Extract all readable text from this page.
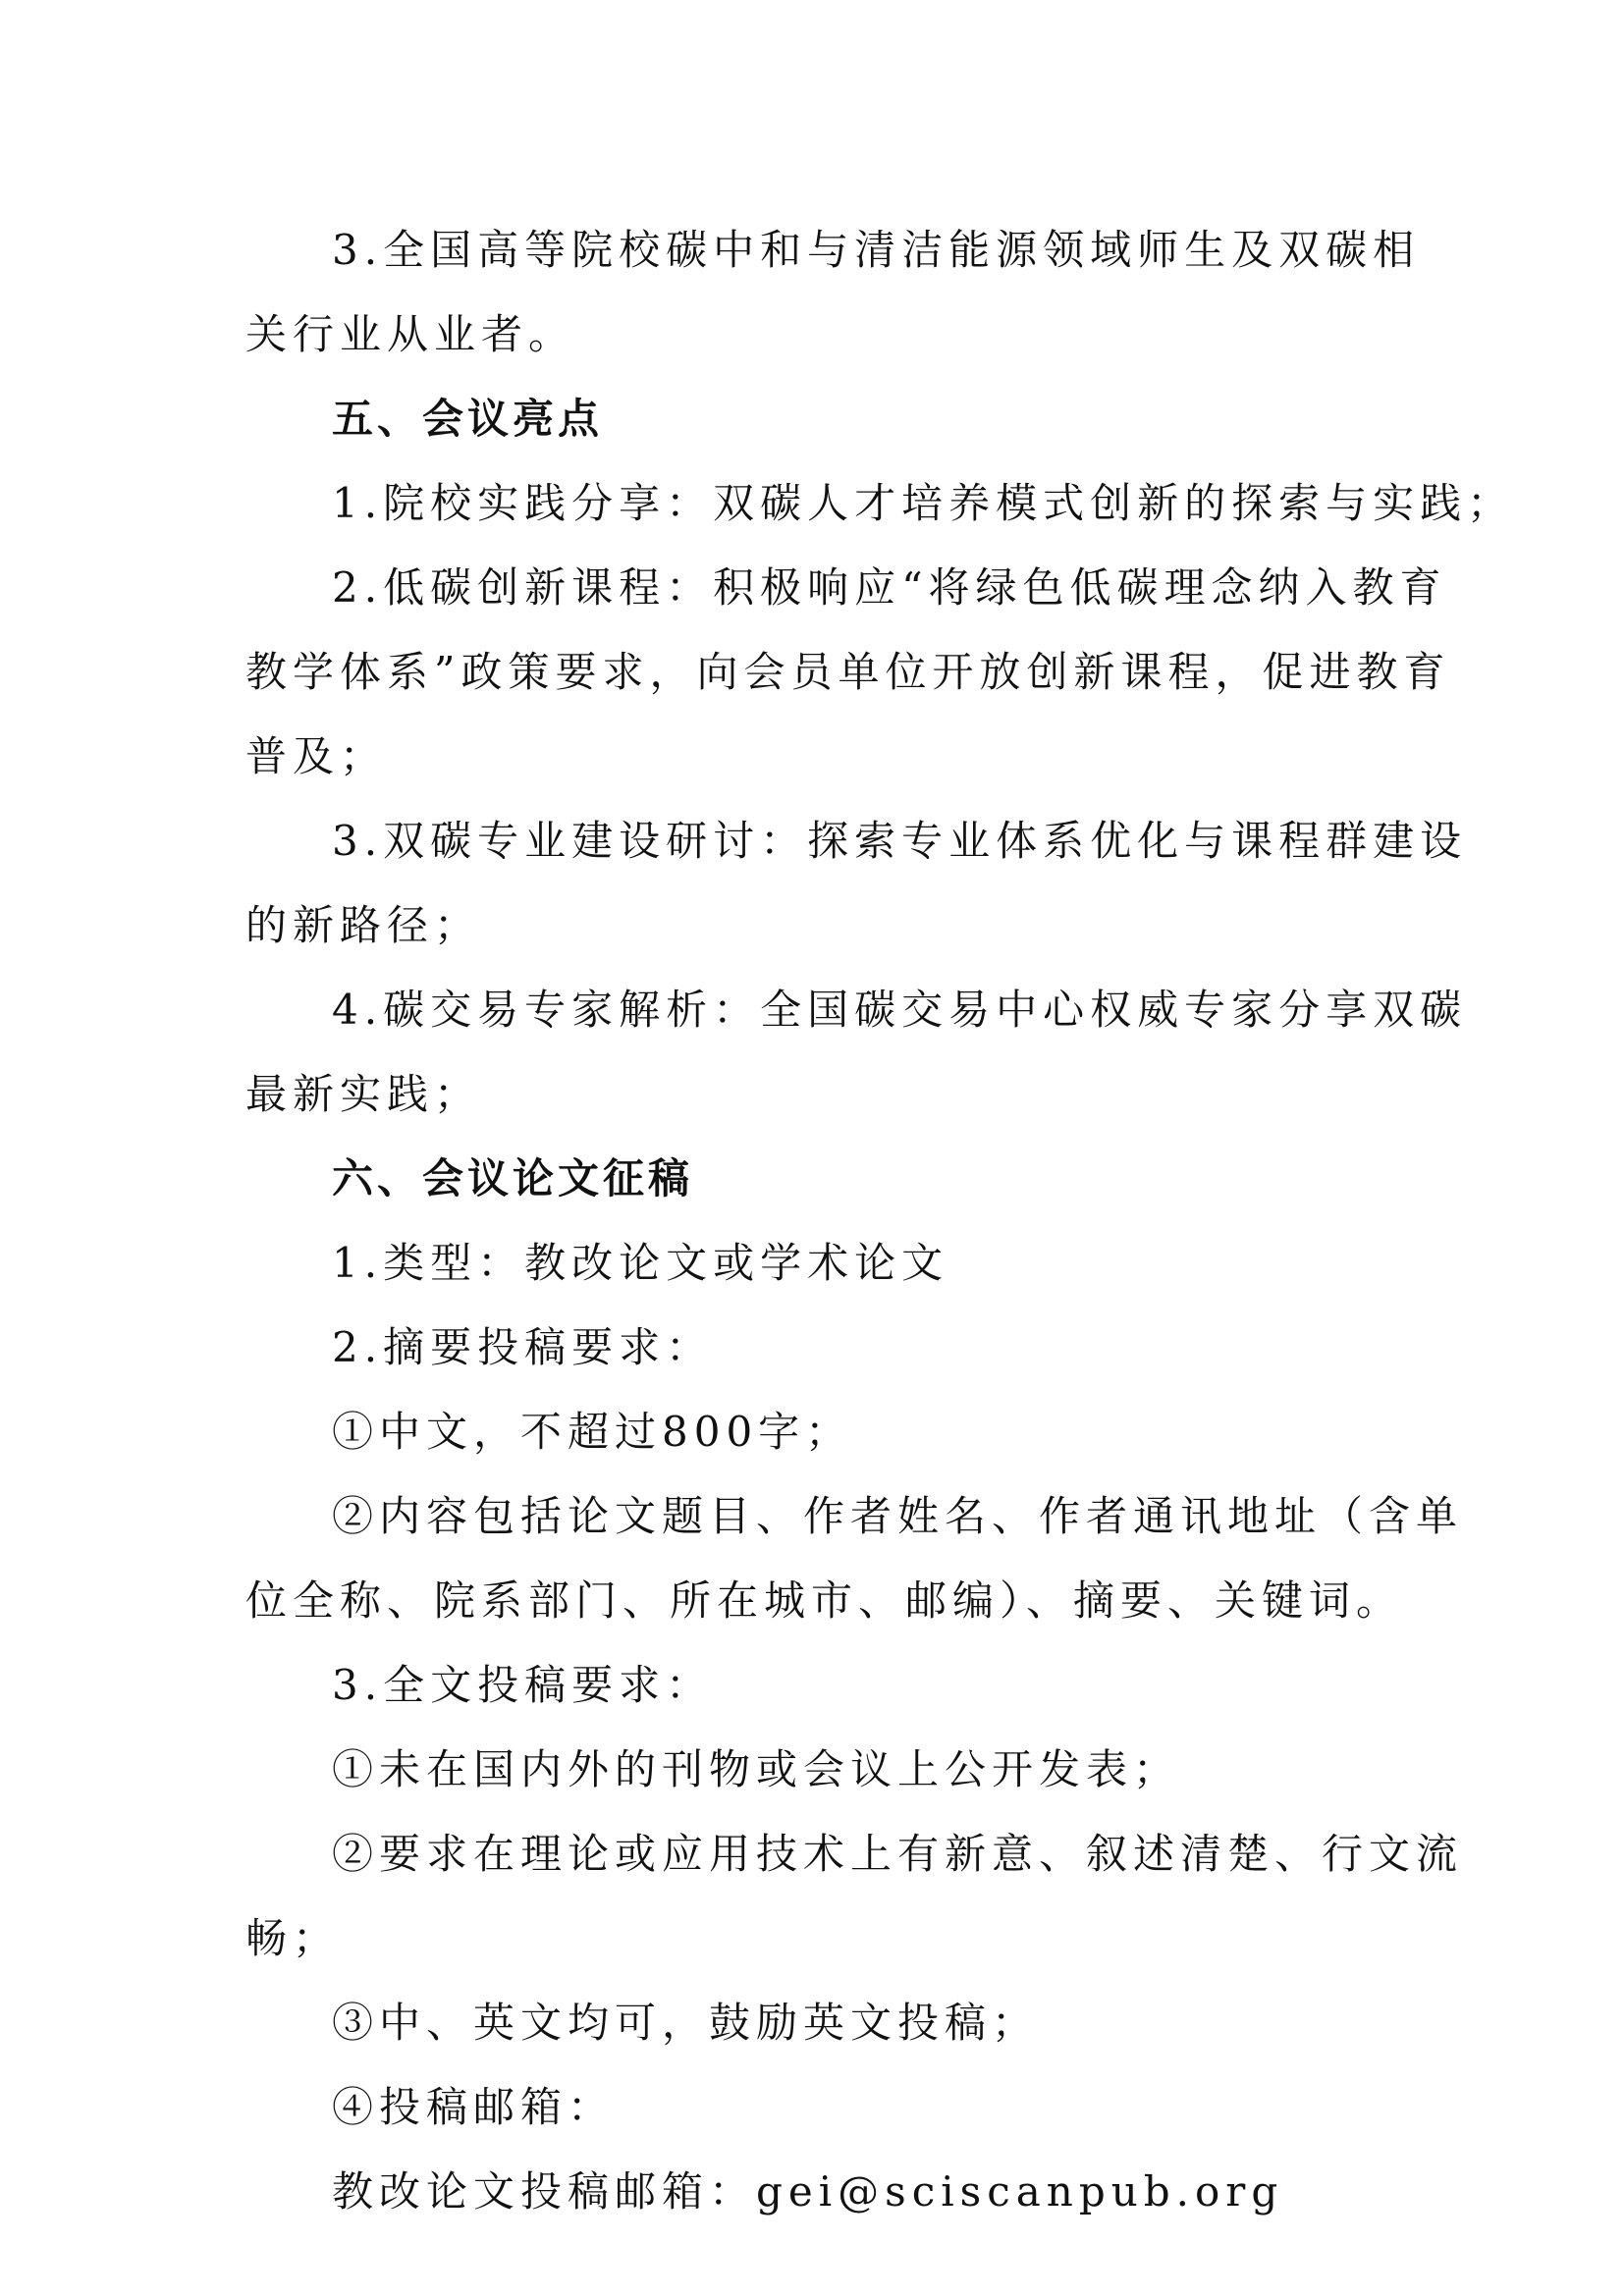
3.全国高等院校碳中和与清洁能源领域师生及双碳相
关行业从业者。
五、会议亮点
1.院校实践分享：双碳人才培养模式创新的探索与实践；
2.低碳创新课程：积极响应“将绿色低碳理念纳入教育
教学体系”政策要求，向会员单位开放创新课程，促进教育
普及；
3.双碳专业建设研讨：探索专业体系优化与课程群建设
的新路径；
4.碳交易专家解析：全国碳交易中心权威专家分享双碳
最新实践；
六、会议论文征稿
1.类型：教改论文或学术论文
2.摘要投稿要求：
①中文，不超过800字；
②内容包括论文题目、作者姓名、作者通讯地址（含单
位全称、院系部门、所在城市、邮编）、摘要、关键词。
3.全文投稿要求：
①未在国内外的刊物或会议上公开发表；
②要求在理论或应用技术上有新意、叙述清楚、行文流
畅；
③中、英文均可，鼓励英文投稿；
④投稿邮箱：
教改论文投稿邮箱：gei@sciscanpub.org
